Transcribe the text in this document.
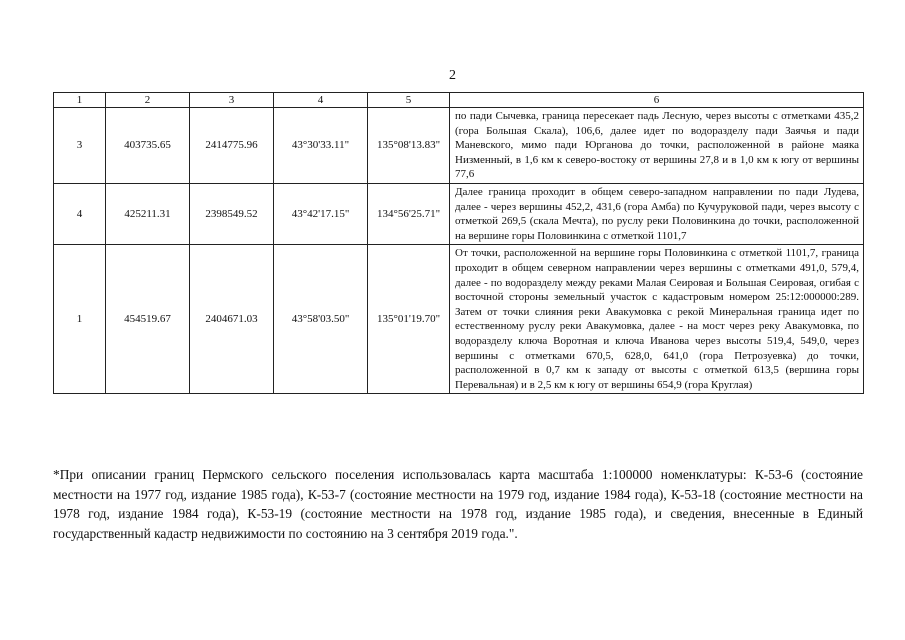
2
1	2	3	4	5	6
3	403735.65	2414775.96	43°30'33.11"	135°08'13.83"	по пади Сычевка, граница пересекает падь Лесную, через высоты с отметками 435,2 (гора Большая Скала), 106,6, далее идет по водоразделу пади Заячья и пади Маневского, мимо пади Юрганова до точки, расположенной в районе маяка Низменный, в 1,6 км к северо-востоку от вершины 27,8 и в 1,0 км к югу от вершины 77,6
4	425211.31	2398549.52	43°42'17.15"	134°56'25.71"	Далее граница проходит в общем северо-западном направлении по пади Лудева, далее - через вершины 452,2, 431,6 (гора Амба) по Кучуруковой пади, через высоту с отметкой 269,5 (скала Мечта), по руслу реки Половинкина до точки, расположенной на вершине горы Половинкина с отметкой 1101,7
1	454519.67	2404671.03	43°58'03.50"	135°01'19.70"	От точки, расположенной на вершине горы Половинкина с отметкой 1101,7, граница проходит в общем северном направлении через вершины с отметками 491,0, 579,4, далее - по водоразделу между реками Малая Сеировая и Большая Сеировая, огибая с восточной стороны земельный участок с кадастровым номером 25:12:000000:289. Затем от точки слияния реки Авакумовка с рекой Минеральная граница идет по естественному руслу реки Авакумовка, далее - на мост через реку Авакумовка, по водоразделу ключа Воротная и ключа Иванова через высоты 519,4, 549,0, через вершины с отметками 670,5, 628,0, 641,0 (гора Петрозуевка) до точки, расположенной в 0,7 км к западу от высоты с отметкой 613,5 (вершина горы Перевальная) и в 2,5 км к югу от вершины 654,9 (гора Круглая)

*При описании границ Пермского сельского поселения использовалась карта масштаба 1:100000 номенклатуры: К-53-6 (состояние местности на 1977 год, издание 1985 года), К-53-7 (состояние местности на 1979 год, издание 1984 года), К-53-18 (состояние местности на 1978 год, издание 1984 года), К-53-19 (состояние местности на 1978 год, издание 1985 года), и сведения, внесенные в Единый государственный кадастр недвижимости по состоянию на 3 сентября 2019 года.".
